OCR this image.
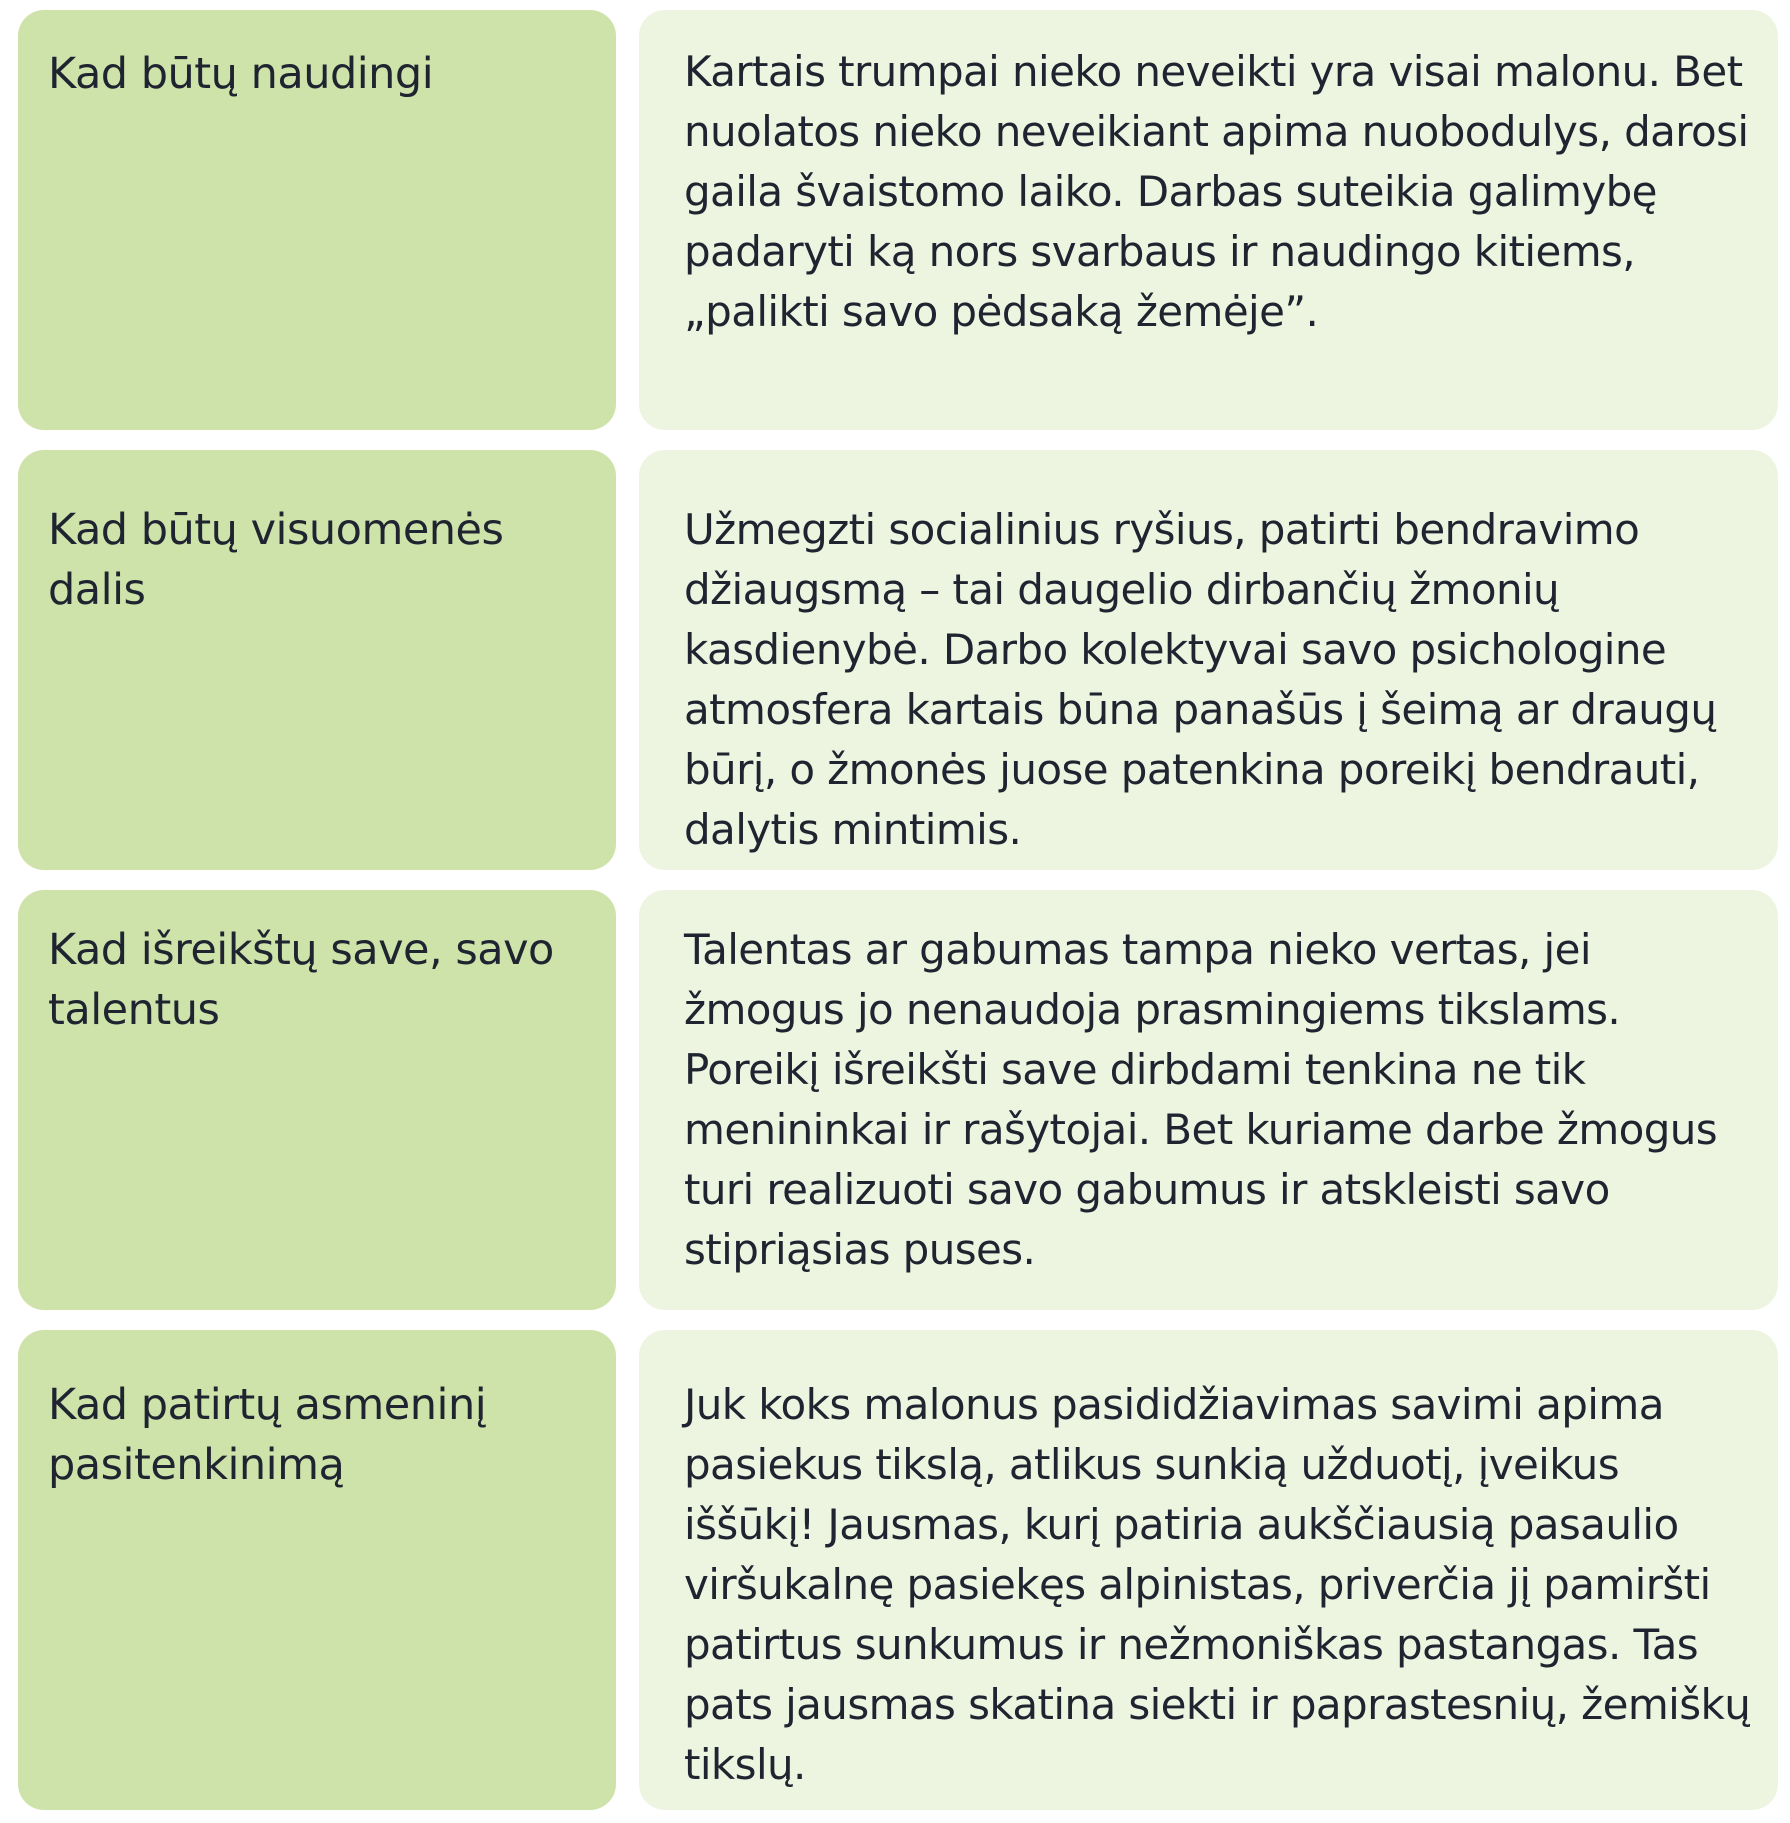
Kad būtų naudingi	Kartais trumpai nieko neveikti yra visai malonu. Bet nuolatos nieko neveikiant apima nuobodulys, darosi gaila švaistomo laiko. Darbas suteikia galimybę padaryti ką nors svarbaus ir naudingo kitiems, „palikti savo pėdsaką žemėje”.
Kad būtų visuomenės dalis
Užmegzti socialinius ryšius, patirti bendravimo džiaugsmą – tai daugelio dirbančių žmonių kasdienybė. Darbo kolektyvai savo psichologine atmosfera kartais būna panašūs į šeimą ar draugų būrį, o žmonės juose patenkina poreikį bendrauti, dalytis mintimis.
Kad išreikštų save, savo talentus
Talentas ar gabumas tampa nieko vertas, jei žmogus jo nenaudoja prasmingiems tikslams. Poreikį išreikšti save dirbdami tenkina ne tik menininkai ir rašytojai. Bet kuriame darbe žmogus turi realizuoti savo gabumus ir atskleisti savo stipriąsias puses.
Kad patirtų asmeninį pasitenkinimą
Juk koks malonus pasididžiavimas savimi apima pasiekus tikslą, atlikus sunkią užduotį, įveikus iššūkį! Jausmas, kurį patiria aukščiausią pasaulio viršukalnę pasiekęs alpinistas, priverčia jį pamiršti patirtus sunkumus ir nežmoniškas pastangas. Tas pats jausmas skatina siekti ir paprastesnių, žemiškų tikslų.
